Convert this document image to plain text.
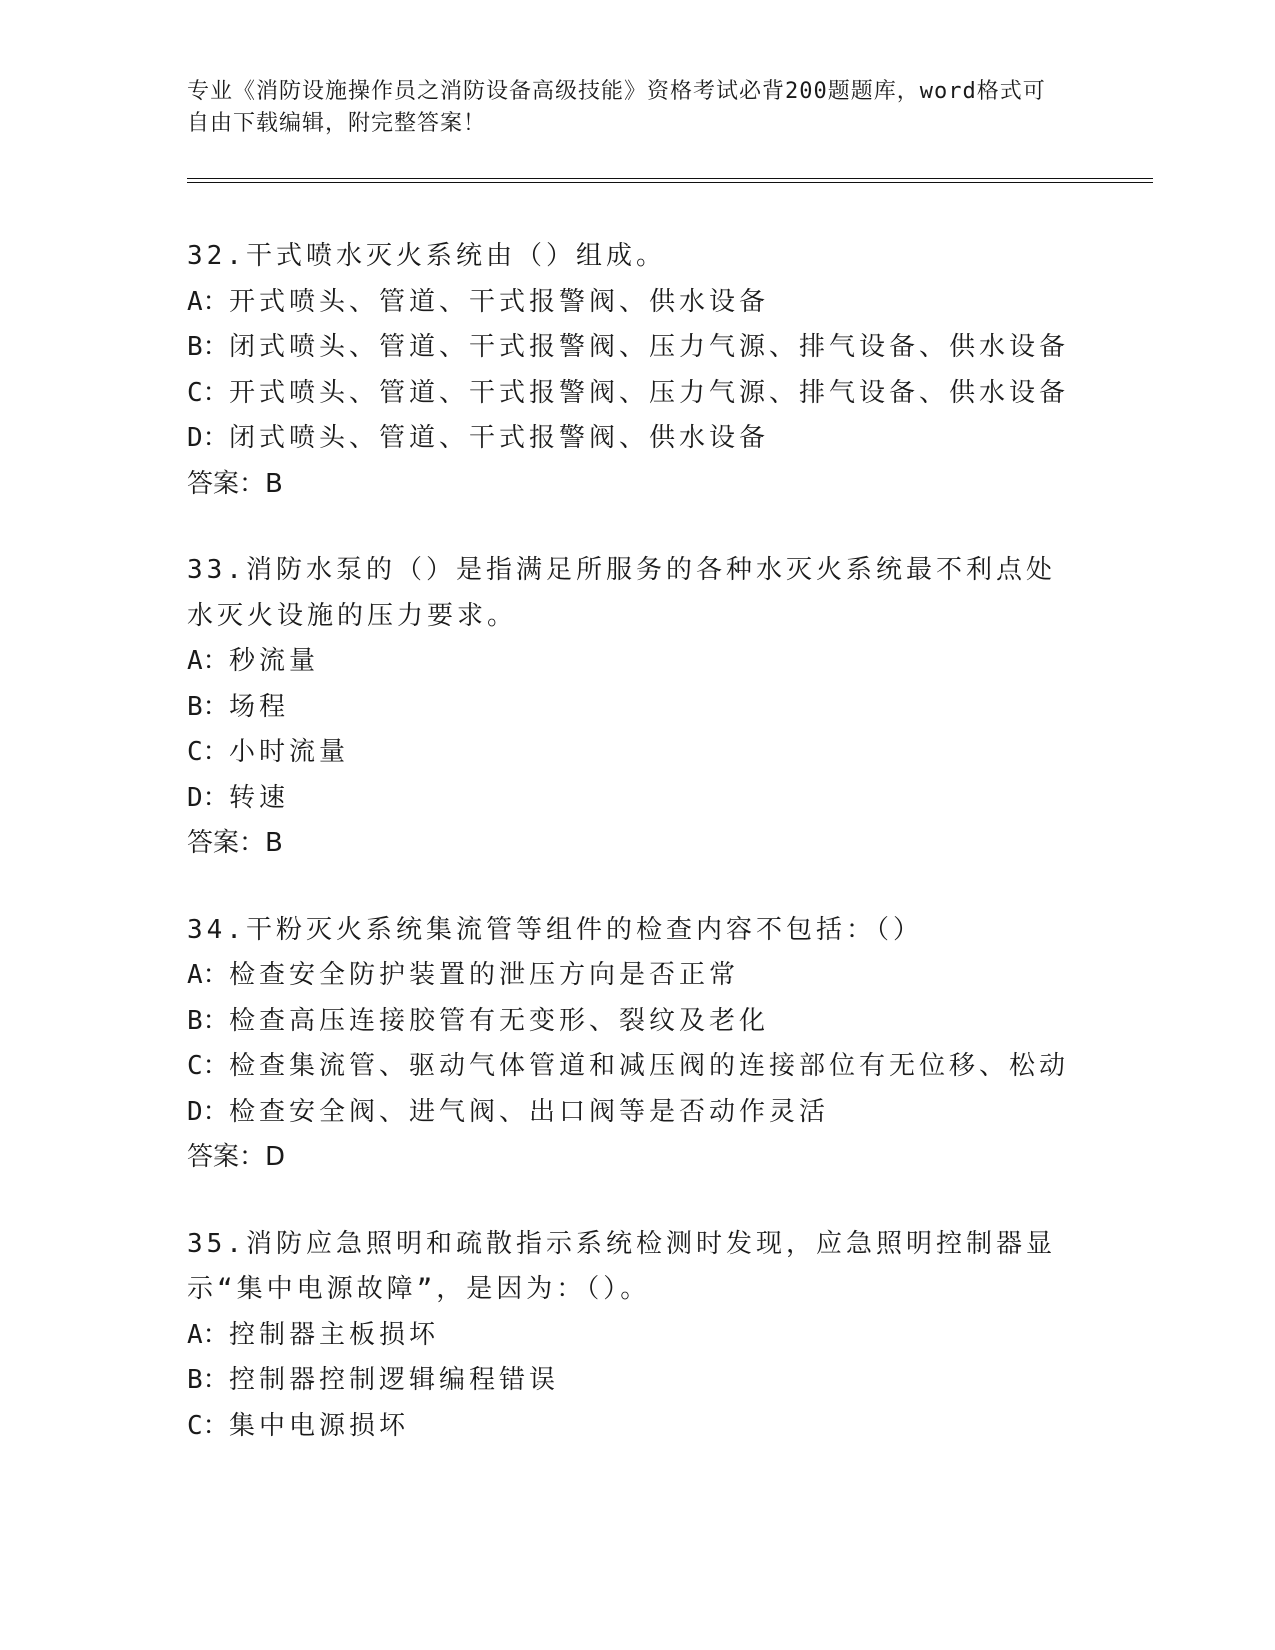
专业《消防设施操作员之消防设备高级技能》资格考试必背200题题库，word格式可自由下载编辑，附完整答案！
32.干式喷水灭火系统由（）组成。
A：开式喷头、管道、干式报警阀、供水设备
B：闭式喷头、管道、干式报警阀、压力气源、排气设备、供水设备
C：开式喷头、管道、干式报警阀、压力气源、排气设备、供水设备
D：闭式喷头、管道、干式报警阀、供水设备
答案：B
33.消防水泵的（）是指满足所服务的各种水灭火系统最不利点处水灭火设施的压力要求。
A：秒流量
B：场程
C：小时流量
D：转速
答案：B
34.干粉灭火系统集流管等组件的检查内容不包括：（）
A：检查安全防护装置的泄压方向是否正常
B：检查高压连接胶管有无变形、裂纹及老化
C：检查集流管、驱动气体管道和减压阀的连接部位有无位移、松动
D：检查安全阀、进气阀、出口阀等是否动作灵活
答案：D
35.消防应急照明和疏散指示系统检测时发现，应急照明控制器显示“集中电源故障”，是因为：（）。
A：控制器主板损坏
B：控制器控制逻辑编程错误
C：集中电源损坏
